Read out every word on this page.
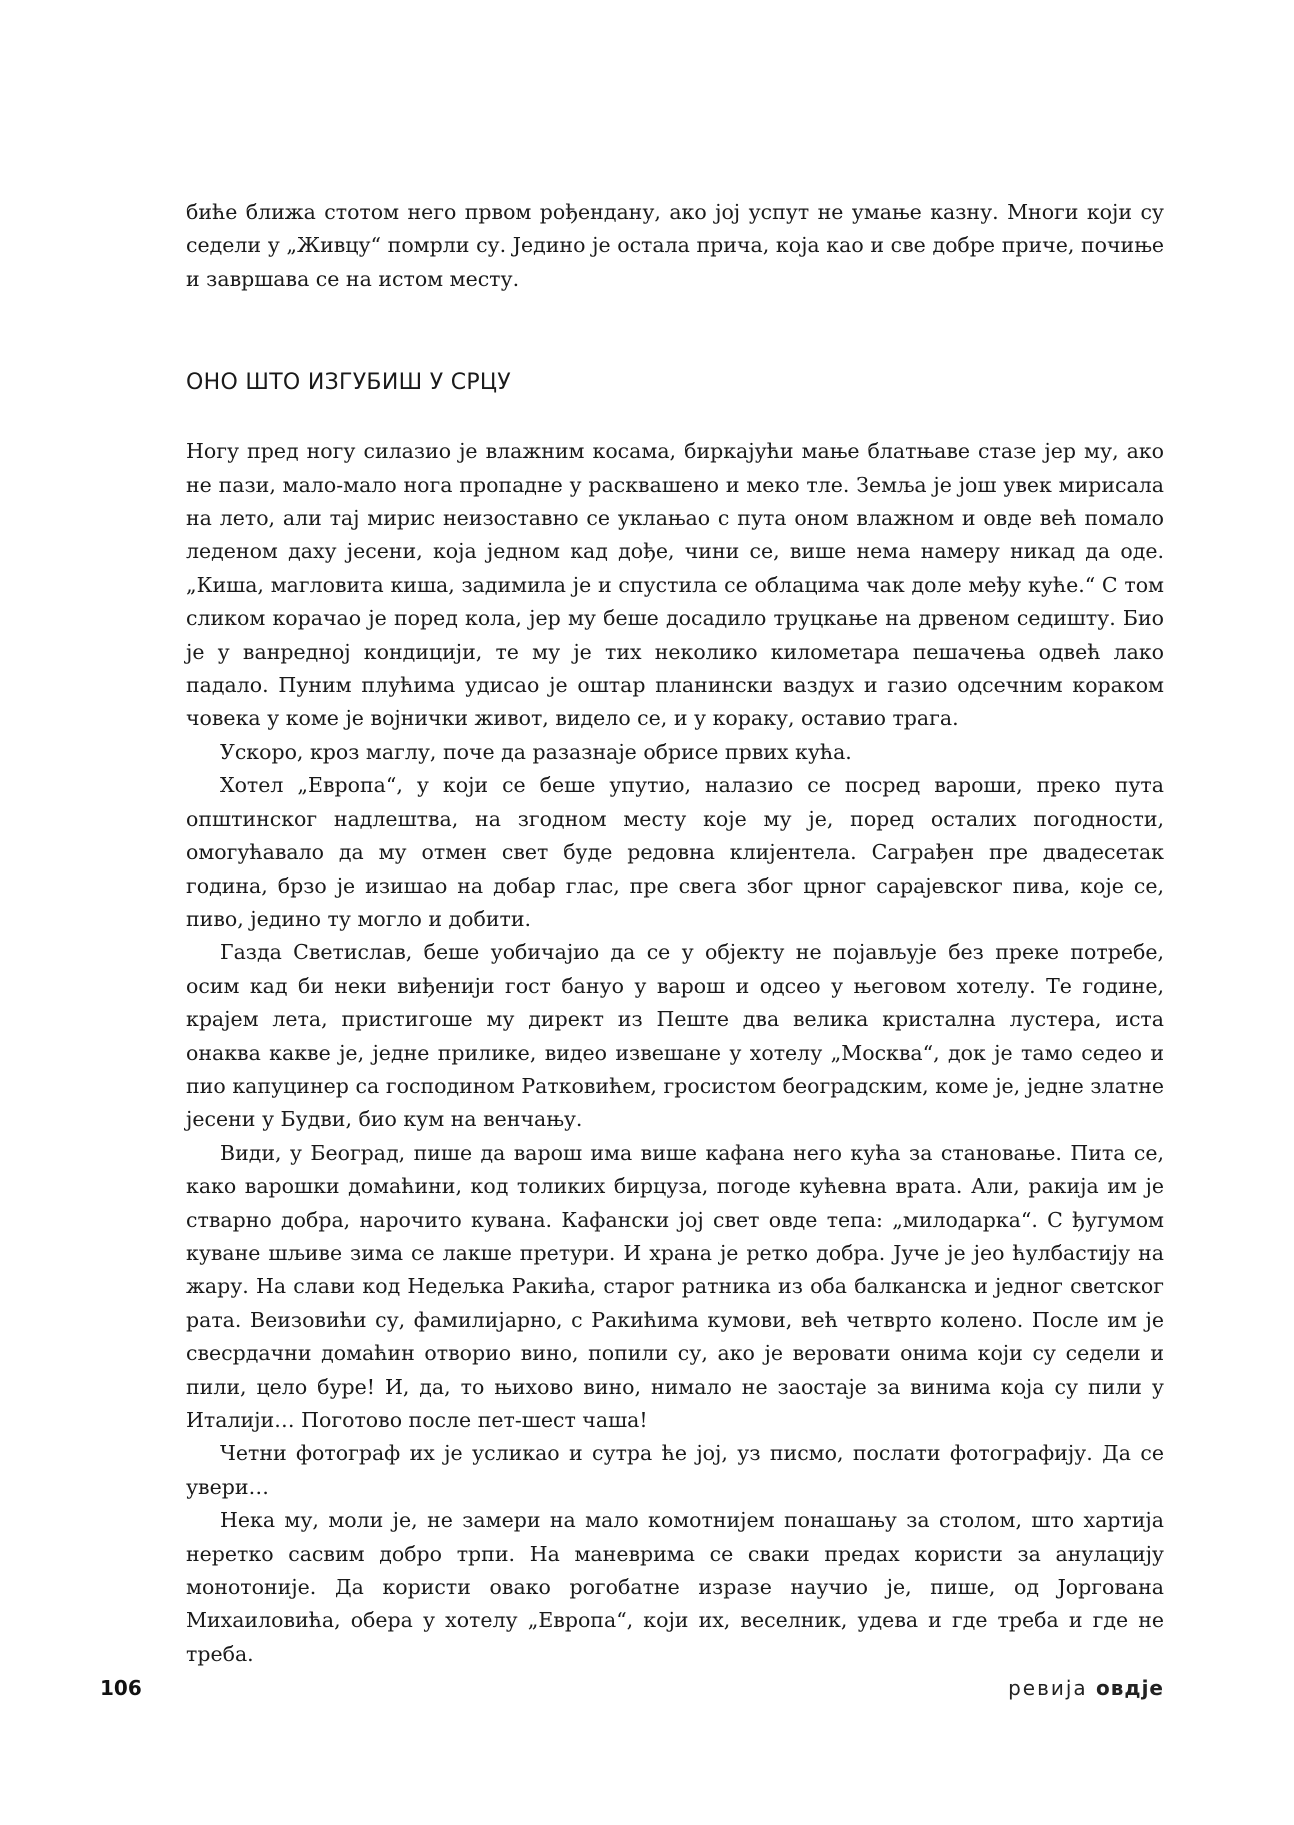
биће ближа стотом него првом рођендану, ако јој успут не умање казну. Многи који су седели у „Живцу“ помрли су. Једино је остала прича, која као и све добре приче, почиње и завршава се на истом месту.

ОНО ШТО ИЗГУБИШ У СРЦУ

Ногу пред ногу силазио је влажним косама, биркајући мање блатњаве стазе јер му, ако не пази, мало-мало нога пропадне у расквашено и меко тле. Земља је још увек мирисала на лето, али тај мирис неизоставно се уклањао с пута оном влажном и овде већ помало леденом даху јесени, која једном кад дође, чини се, више нема намеру никад да оде. „Киша, магловита киша, задимила је и спустила се облацима чак доле међу куће.“ С том сликом корачао је поред кола, јер му беше досадило труцкање на дрвеном седишту. Био је у ванредној кондицији, те му је тих неколико километара пешачења одвећ лако падало. Пуним плућима удисао је оштар планински ваздух и газио одсечним кораком човека у коме је војнички живот, видело се, и у кораку, оставио трага.

Ускоро, кроз маглу, поче да разазнаје обрисе првих кућа.

Хотел „Европа“, у који се беше упутио, налазио се посред вароши, преко пута општинског надлештва, на згодном месту које му је, поред осталих погодности, омогућавало да му отмен свет буде редовна клијентела. Саграђен пре двадесетак година, брзо је изишао на добар глас, пре свега због црног сарајевског пива, које се, пиво, једино ту могло и добити.

Газда Светислав, беше уобичајио да се у објекту не појављује без преке потребе, осим кад би неки виђенији гост бануо у варош и одсео у његовом хотелу. Те године, крајем лета, пристигоше му директ из Пеште два велика кристална лустера, иста онаква какве је, једне прилике, видео извешане у хотелу „Москва“, док је тамо седео и пио капуцинер са господином Ратковићем, гросистом београдским, коме је, једне златне јесени у Будви, био кум на венчању.

Види, у Београд, пише да варош има више кафана него кућа за становање. Пита се, како варошки домаћини, код толиких бирцуза, погоде кућевна врата. Али, ракија им је стварно добра, нарочито кувана. Кафански јој свет овде тепа: „милодарка“. С ђугумом куване шљиве зима се лакше претури. И храна је ретко добра. Јуче је јео ћулбастију на жару. На слави код Недељка Ракића, старог ратника из оба балканска и једног светског рата. Веизовићи су, фамилијарно, с Ракићима кумови, већ четврто колено. После им је свесрдачни домаћин отворио вино, попили су, ако је веровати онима који су седели и пили, цело буре! И, да, то њихово вино, нимало не заостаје за винима која су пили у Италији… Поготово после пет-шест чаша!

Четни фотограф их је усликао и сутра ће јој, уз писмо, послати фотографију. Да се увери…

Нека му, моли је, не замери на мало комотнијем понашању за столом, што хартија неретко сасвим добро трпи. На маневрима се сваки предах користи за анулацију монотоније. Да користи овако рогобатне изразе научио је, пише, од Јоргована Михаиловића, обера у хотелу „Европа“, који их, веселник, удева и где треба и где не треба.

106	ревија овдје
